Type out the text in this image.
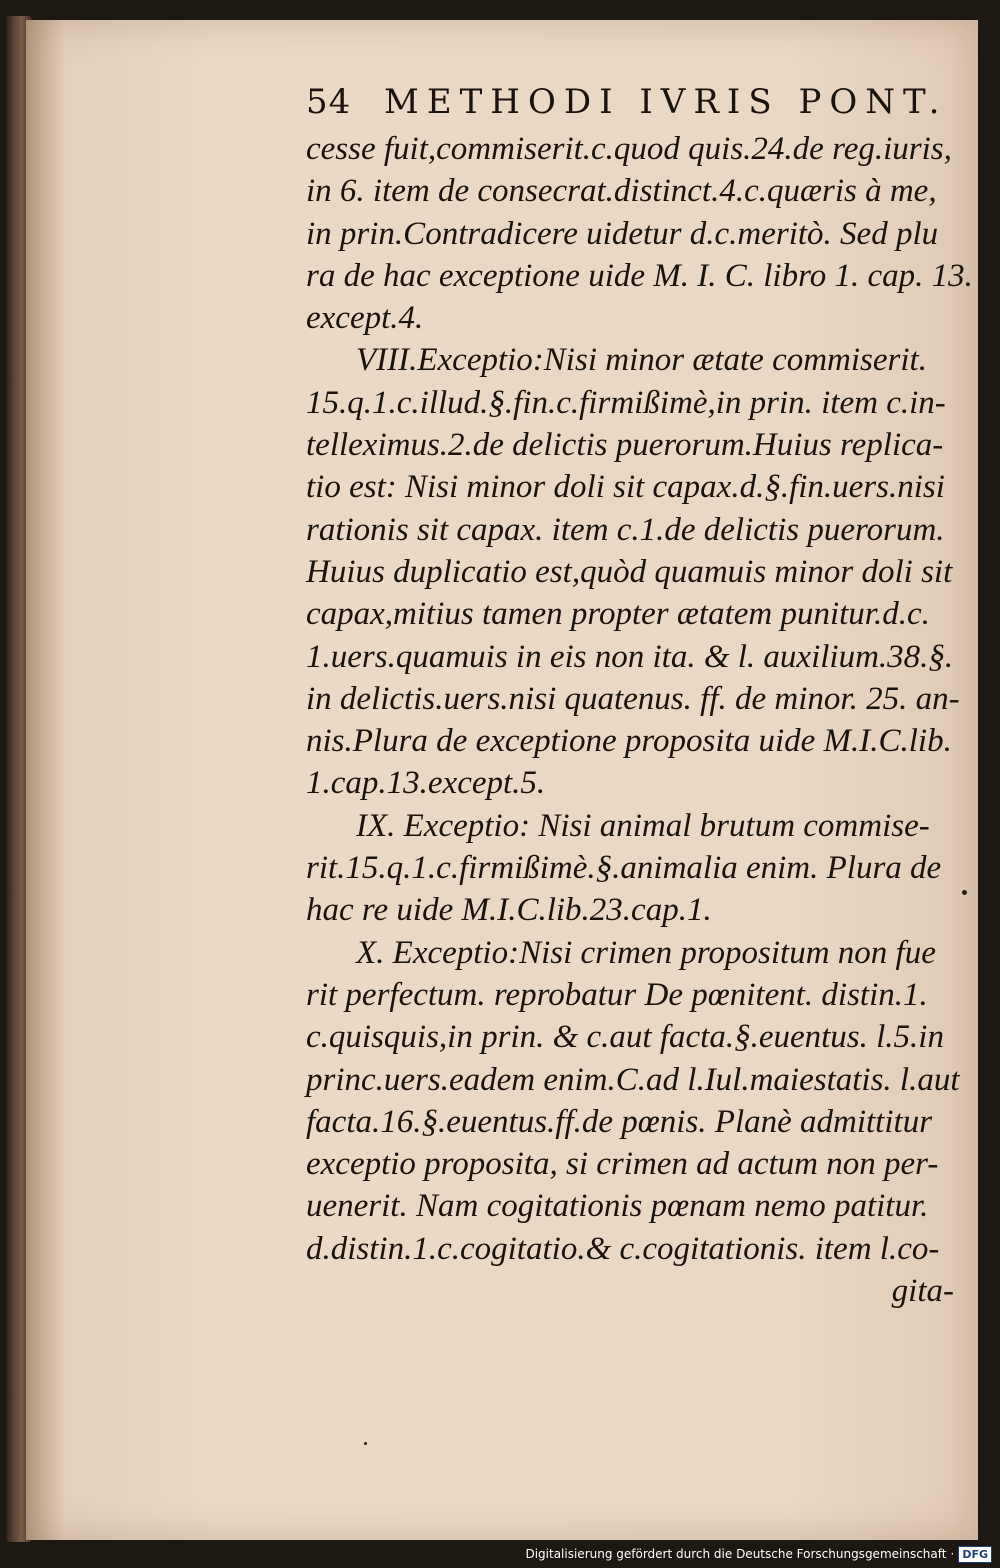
54 METHODI IVRIS PONT.
cesse fuit,commiserit.c.quod quis.24.de reg.iuris,
in 6. item de consecrat.distinct.4.c.quæris à me,
in prin.Contradicere uidetur d.c.meritò. Sed plu
ra de hac exceptione uide M. I. C. libro 1. cap. 13.
except.4.
VIII.Exceptio:Nisi minor ætate commiserit.
15.q.1.c.illud.§.fin.c.firmißimè,in prin. item c.in-
telleximus.2.de delictis puerorum.Huius replica-
tio est: Nisi minor doli sit capax.d.§.fin.uers.nisi
rationis sit capax. item c.1.de delictis puerorum.
Huius duplicatio est,quòd quamuis minor doli sit
capax,mitius tamen propter ætatem punitur.d.c.
1.uers.quamuis in eis non ita. & l. auxilium.38.§.
in delictis.uers.nisi quatenus. ff. de minor. 25. an-
nis.Plura de exceptione proposita uide M.I.C.lib.
1.cap.13.except.5.
IX. Exceptio: Nisi animal brutum commise-
rit.15.q.1.c.firmißimè.§.animalia enim. Plura de
hac re uide M.I.C.lib.23.cap.1.
X. Exceptio:Nisi crimen propositum non fue
rit perfectum. reprobatur De pœnitent. distin.1.
c.quisquis,in prin. & c.aut facta.§.euentus. l.5.in
princ.uers.eadem enim.C.ad l.Iul.maiestatis. l.aut
facta.16.§.euentus.ff.de pœnis. Planè admittitur
exceptio proposita, si crimen ad actum non per-
uenerit. Nam cogitationis pœnam nemo patitur.
d.distin.1.c.cogitatio.& c.cogitationis. item l.co-
gita-
Digitalisierung gefördert durch die Deutsche Forschungsgemeinschaft · DFG
